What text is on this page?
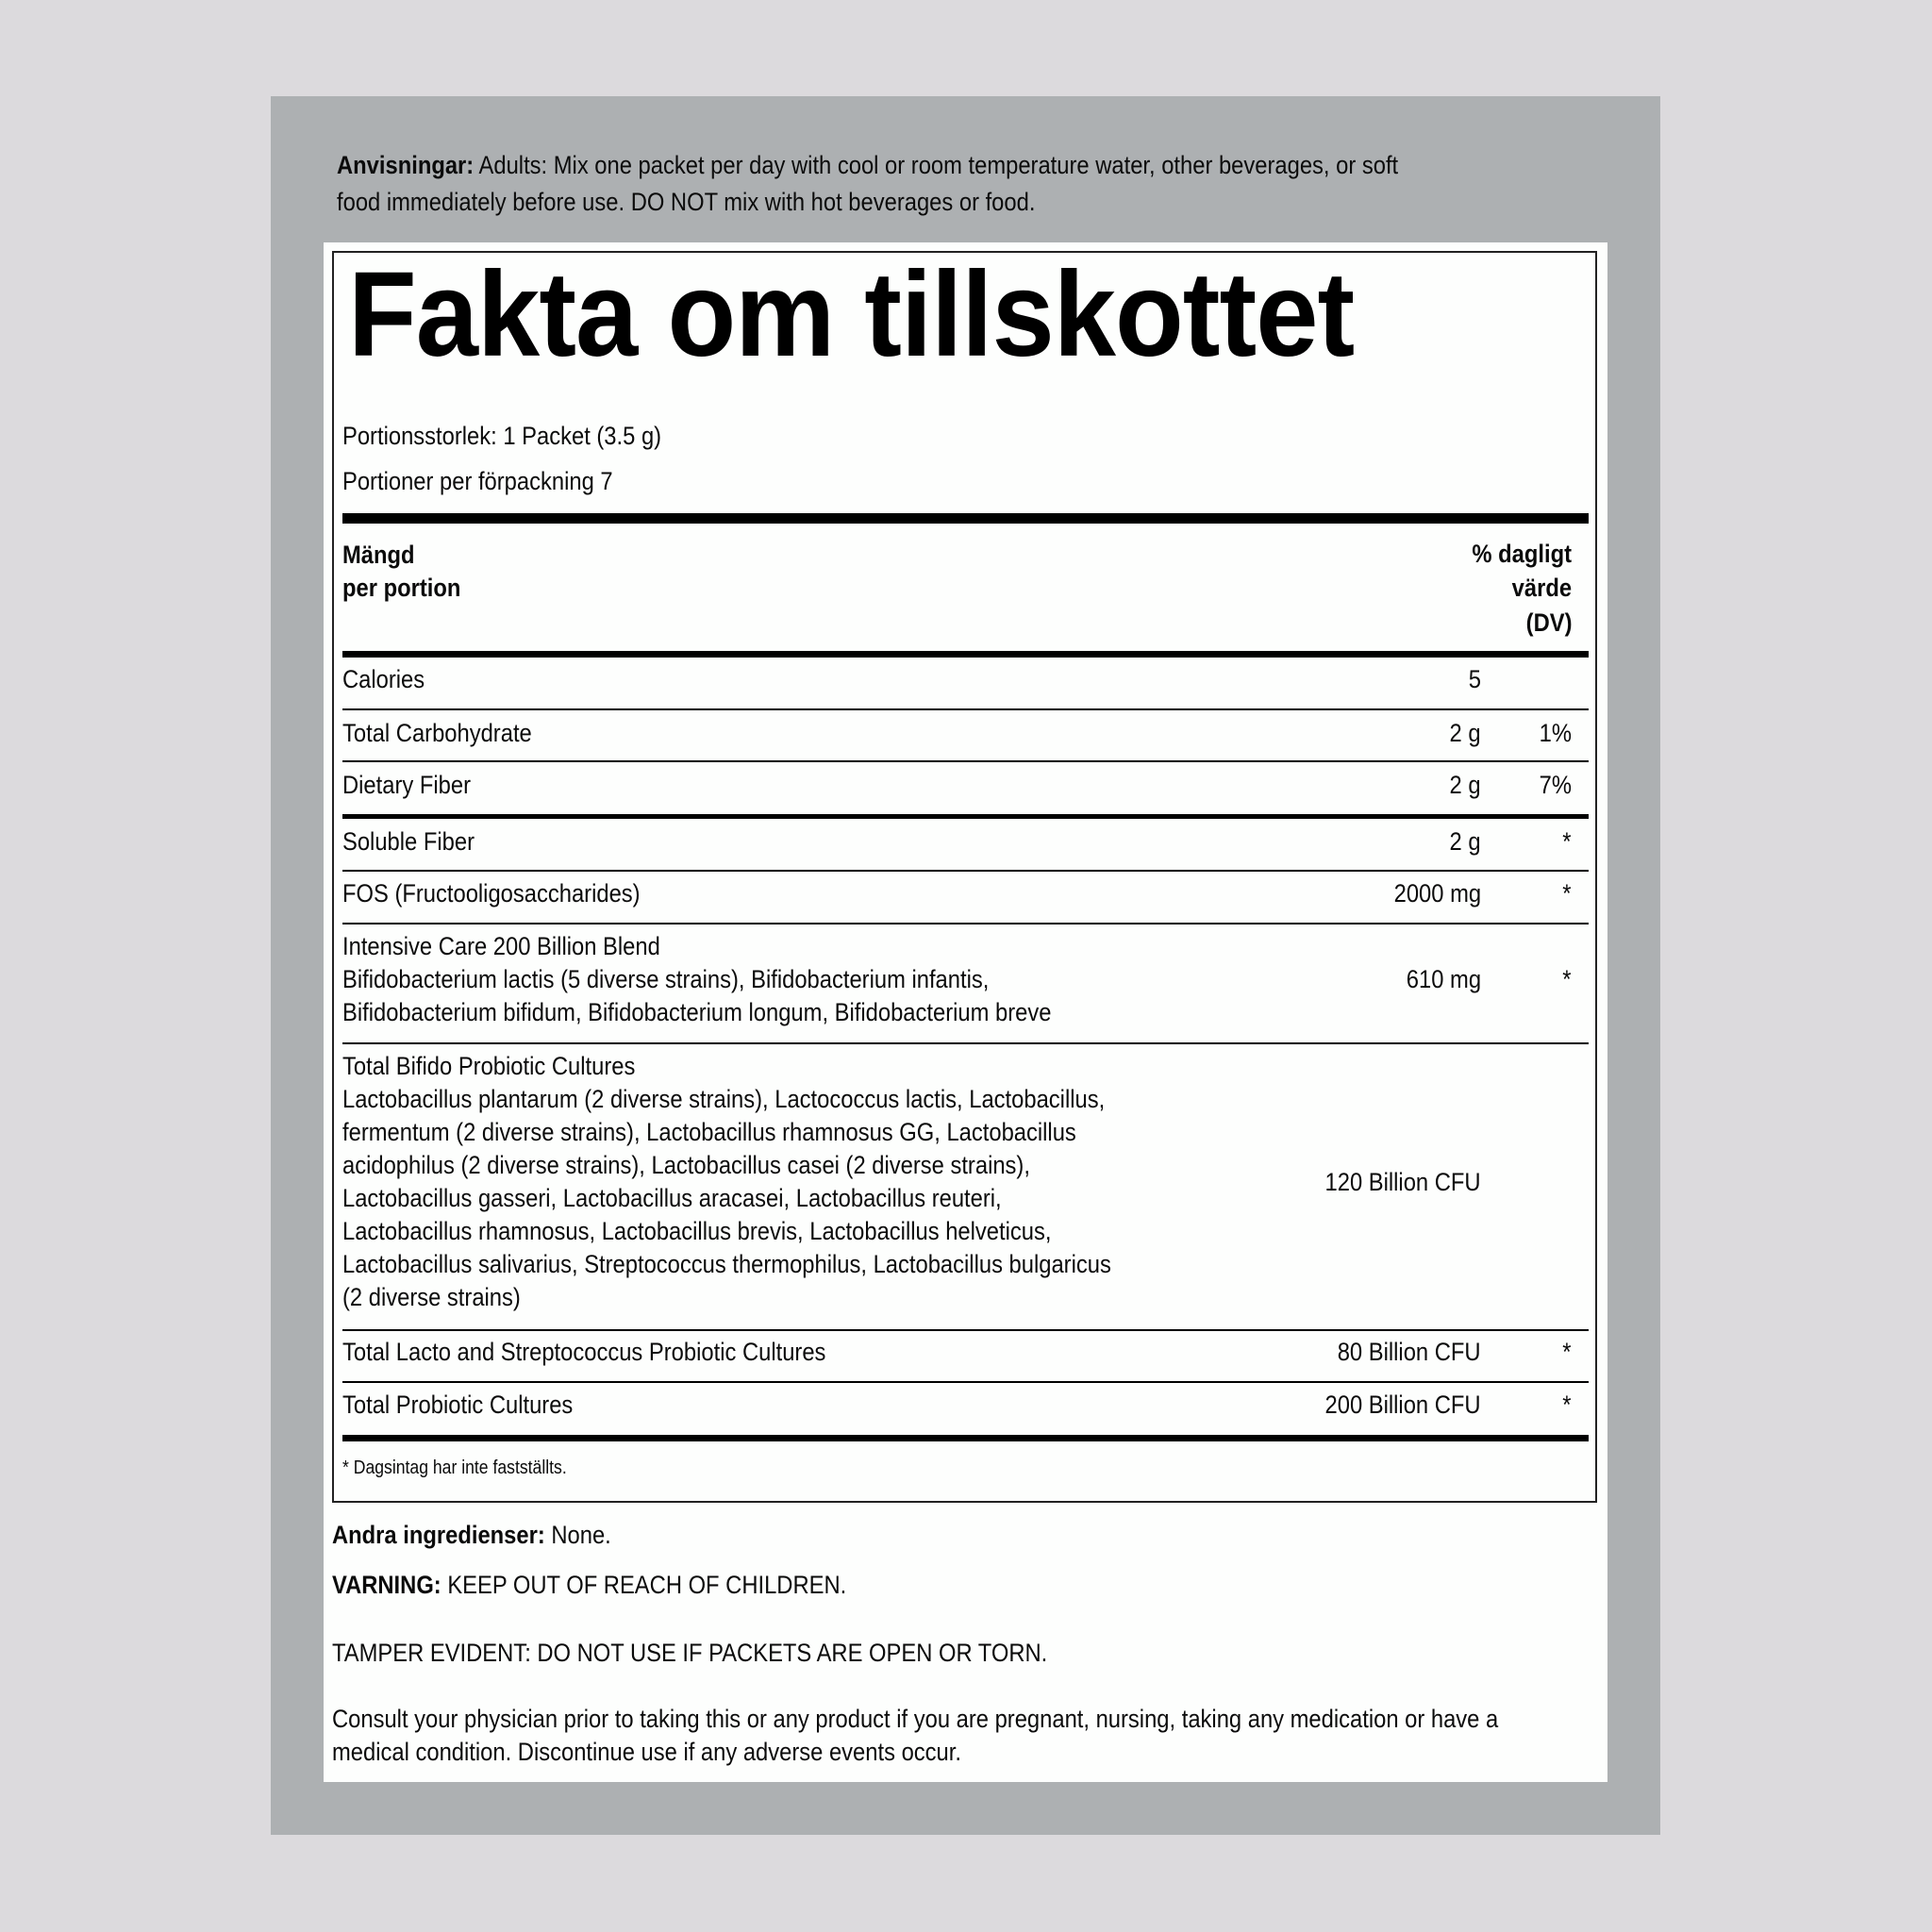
Anvisningar: Adults: Mix one packet per day with cool or room temperature water, other beverages, or soft
food immediately before use. DO NOT mix with hot beverages or food.
Fakta om tillskottet
Portionsstorlek: 1 Packet (3.5 g)
Portioner per förpackning 7
Mängd
per portion
% dagligt
värde
(DV)
Calories	5
Total Carbohydrate	2 g 1%
Dietary Fiber	2 g 7%
Soluble Fiber	2 g	*
FOS (Fructooligosaccharides)	2000 mg	*
Intensive Care 200 Billion Blend
Bifidobacterium lactis (5 diverse strains), Bifidobacterium infantis,
Bifidobacterium bifidum, Bifidobacterium longum, Bifidobacterium breve
610 mg	*
Total Bifido Probiotic Cultures
Lactobacillus plantarum (2 diverse strains), Lactococcus lactis, Lactobacillus,
fermentum (2 diverse strains), Lactobacillus rhamnosus GG, Lactobacillus
acidophilus (2 diverse strains), Lactobacillus casei (2 diverse strains),
Lactobacillus gasseri, Lactobacillus aracasei, Lactobacillus reuteri,
Lactobacillus rhamnosus, Lactobacillus brevis, Lactobacillus helveticus,
Lactobacillus salivarius, Streptococcus thermophilus, Lactobacillus bulgaricus
(2 diverse strains)
120 Billion CFU
Total Lacto and Streptococcus Probiotic Cultures	80 Billion CFU	*
Total Probiotic Cultures	200 Billion CFU	*
* Dagsintag har inte fastställts.
Andra ingredienser: None.
VARNING: KEEP OUT OF REACH OF CHILDREN.
TAMPER EVIDENT: DO NOT USE IF PACKETS ARE OPEN OR TORN.
Consult your physician prior to taking this or any product if you are pregnant, nursing, taking any medication or have a
medical condition. Discontinue use if any adverse events occur.
